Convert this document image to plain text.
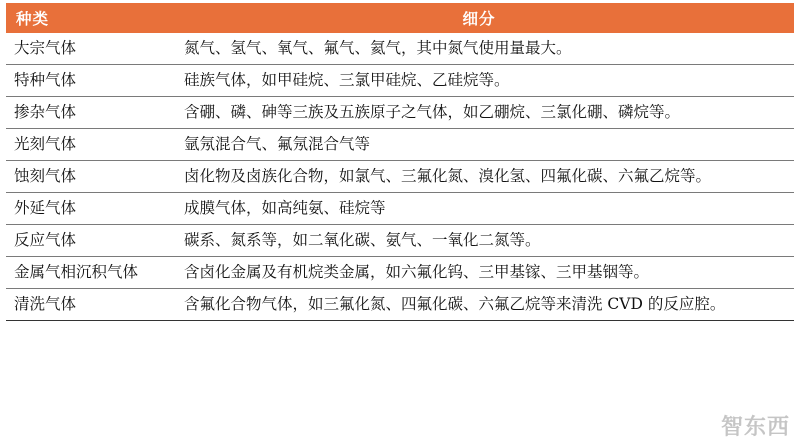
种类	细分
大宗气体	氮气、氢气、氧气、氟气、氦气，其中氮气使用量最大。
特种气体	硅族气体，如甲硅烷、三氯甲硅烷、乙硅烷等。
掺杂气体	含硼、磷、砷等三族及五族原子之气体，如乙硼烷、三氯化硼、磷烷等。
光刻气体	氩氖混合气、氟氖混合气等
蚀刻气体	卤化物及卤族化合物，如氯气、三氟化氮、溴化氢、四氟化碳、六氟乙烷等。
外延气体	成膜气体，如高纯氨、硅烷等
反应气体	碳系、氮系等，如二氧化碳、氨气、一氧化二氮等。
金属气相沉积气体	含卤化金属及有机烷类金属，如六氟化钨、三甲基镓、三甲基铟等。
清洗气体	含氟化合物气体，如三氟化氮、四氟化碳、六氟乙烷等来清洗 CVD 的反应腔。
智东西
